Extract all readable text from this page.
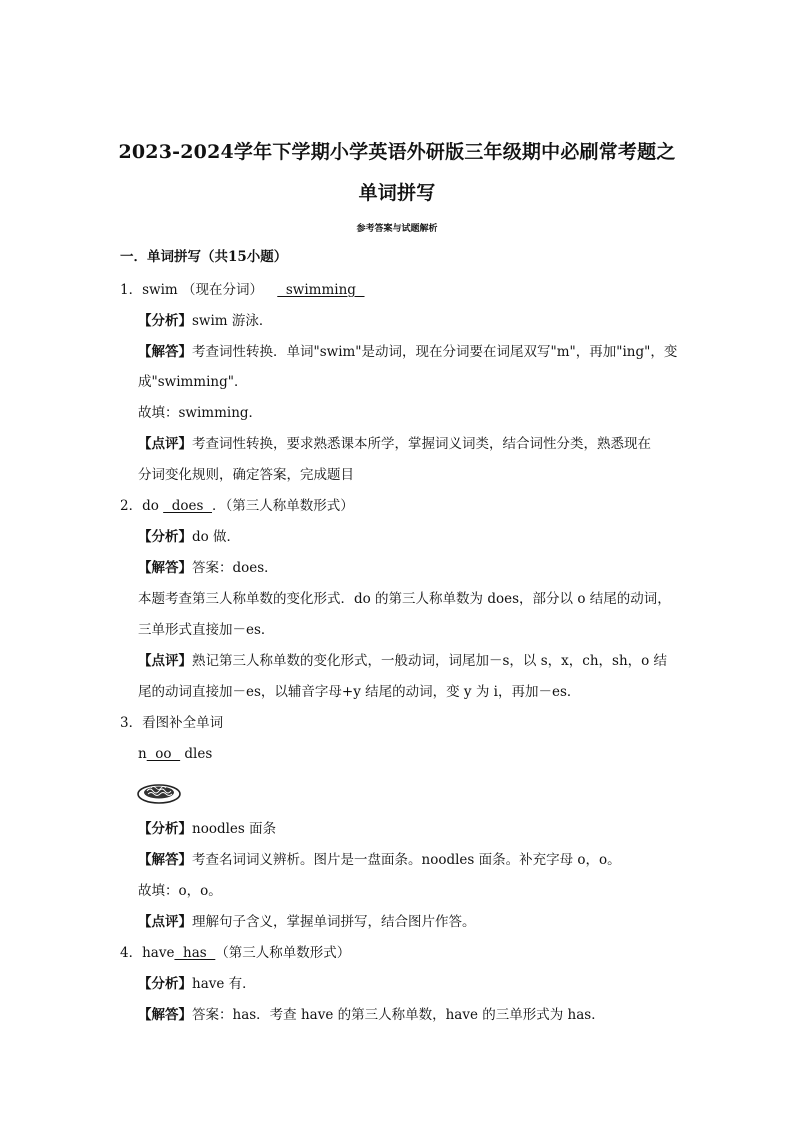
2023-2024学年下学期小学英语外研版三年级期中必刷常考题之
单词拼写
参考答案与试题解析
一．单词拼写（共15小题）
1．swim （现在分词）   swimming
【分析】swim 游泳．
【解答】考查词性转换．单词"swim"是动词，现在分词要在词尾双写"m"，再加"ing"，变
成"swimming"．
故填：swimming．
【点评】考查词性转换，要求熟悉课本所学，掌握词义词类，结合词性分类，熟悉现在
分词变化规则，确定答案，完成题目
2．do   does  ．（第三人称单数形式）
【分析】do 做．
【解答】答案：does．
本题考查第三人称单数的变化形式．do 的第三人称单数为 does，部分以 o 结尾的动词，
三单形式直接加－es．
【点评】熟记第三人称单数的变化形式，一般动词，词尾加－s，以 s，x，ch，sh，o 结
尾的动词直接加－es，以辅音字母+y 结尾的动词，变 y 为 i，再加－es．
3．看图补全单词
n  oo   dles
【分析】noodles 面条
【解答】考查名词词义辨析。图片是一盘面条。noodles 面条。补充字母 o，o。
故填：o，o。
【点评】理解句子含义，掌握单词拼写，结合图片作答。
4．have  has  （第三人称单数形式）
【分析】have 有．
【解答】答案：has．考查 have 的第三人称单数，have 的三单形式为 has．
